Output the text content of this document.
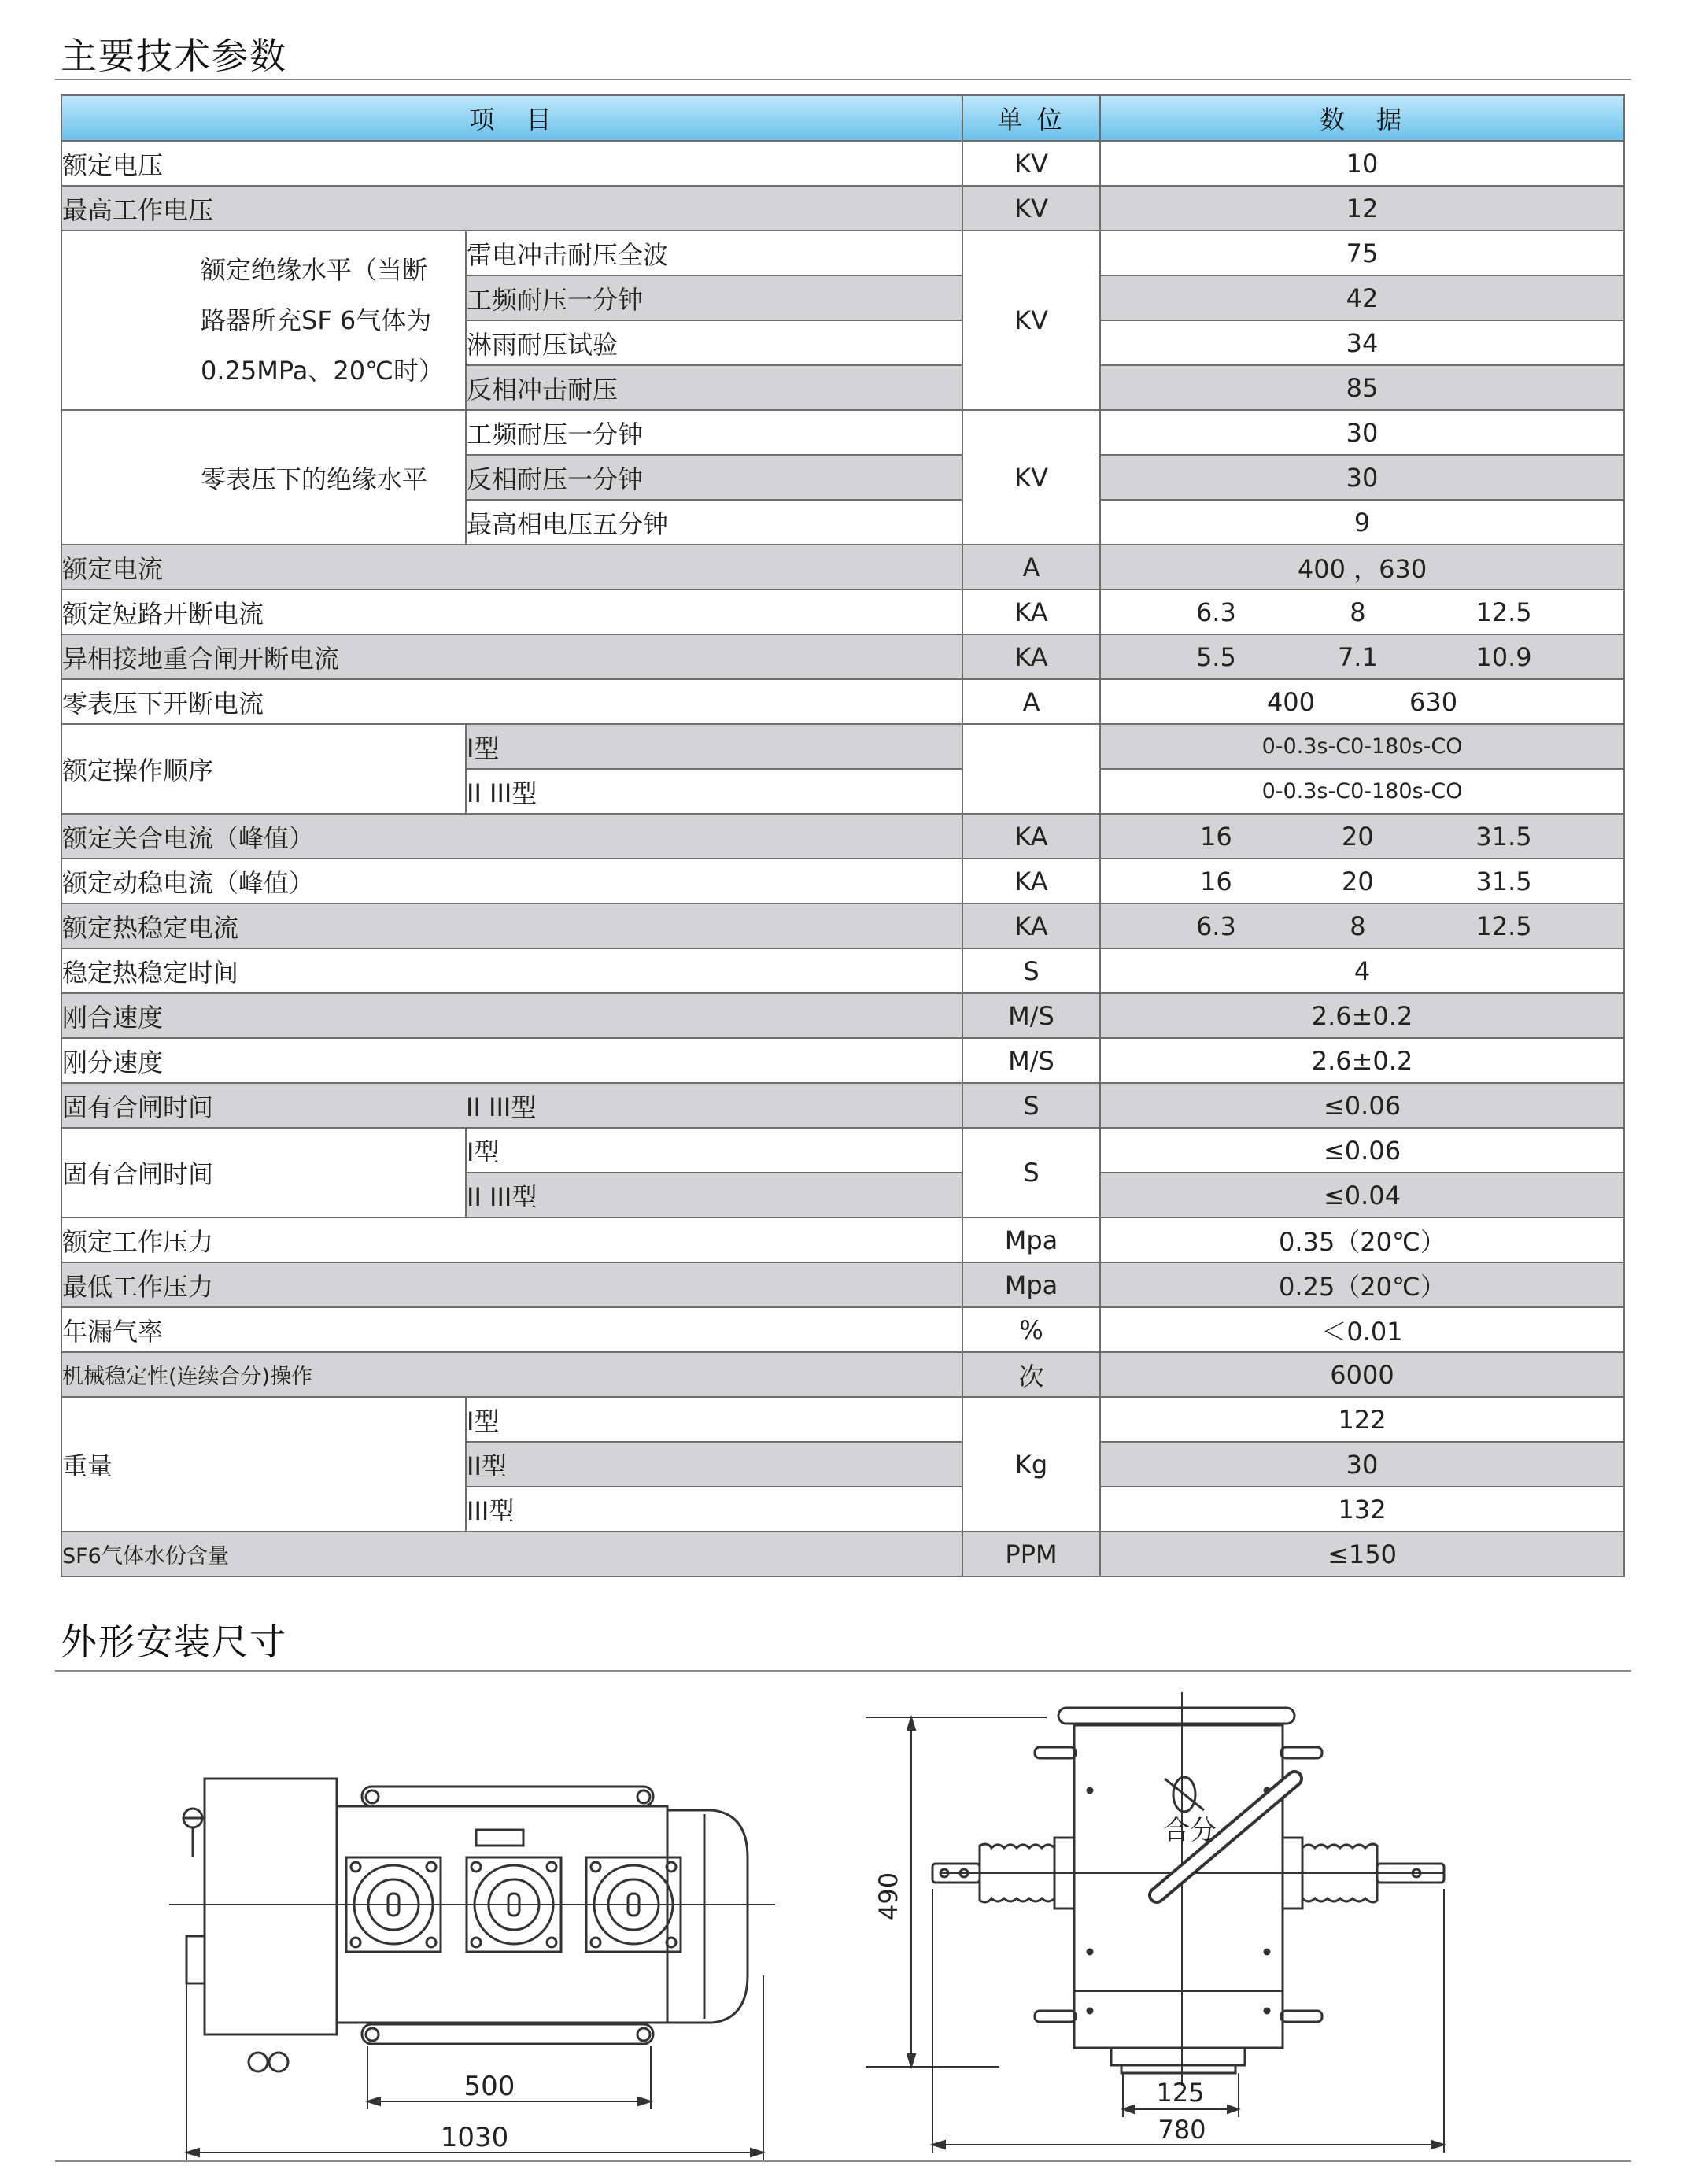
主要技术参数
项　目		单 位	数　据
额定电压		KV	10
最高工作电压		KV	12

额定绝缘水平（当断
路器所充SF 6气体为
0.25MPa、20℃时）	雷电冲击耐压全波	KV	75
	工频耐压一分钟		42
	淋雨耐压试验		34
	反相冲击耐压		85
零表压下的绝缘水平	工频耐压一分钟	KV	30
	反相耐压一分钟		30
	最高相电压五分钟		9
额定电流		A	400 ，630
额定短路开断电流		KA	6.3 8 12.5

异相接地重合闸开断电流		KA	5.5 7.1 10.9

零表压下开断电流		A	400 630

额定操作顺序	I型		0-0.3s-C0-180s-CO
	II III型		0-0.3s-C0-180s-CO
额定关合电流（峰值）		KA	16 20 31.5

额定动稳电流（峰值）		KA	16 20 31.5

额定热稳定电流		KA	6.3 8 12.5

稳定热稳定时间		S	4
刚合速度		M/S	2.6±0.2
刚分速度		M/S	2.6±0.2
固有合闸时间	II III型	S	≤0.06
固有合闸时间	I型	S	≤0.06
	II III型		≤0.04
额定工作压力		Mpa	0.35（20℃）
最低工作压力		Mpa	0.25（20℃）
年漏气率		%	＜0.01
机械稳定性(连续合分)操作		次	6000
重量	I型	Kg	122
	II型		30
	III型		132
SF6气体水份含量		PPM	≤150
外形安装尺寸
500
1030
合分
490
125
780
